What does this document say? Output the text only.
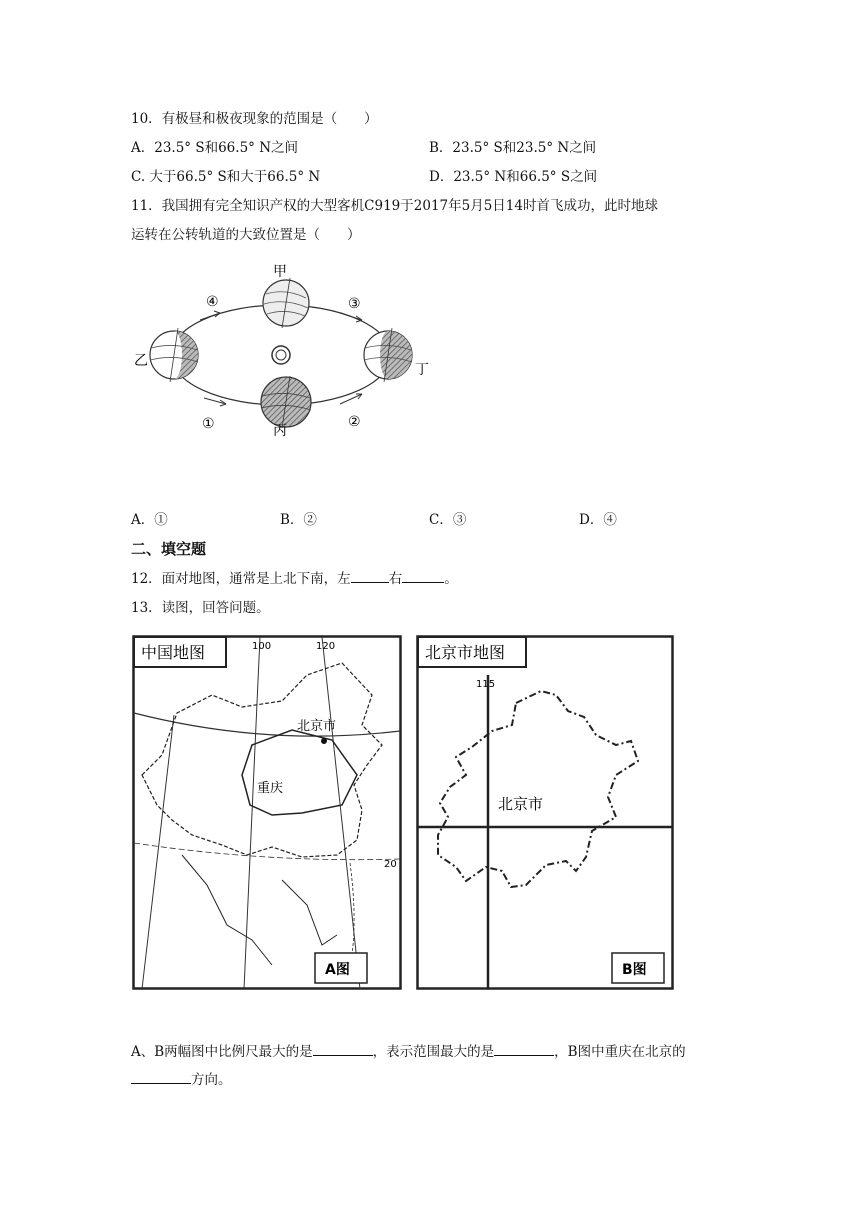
10．有极昼和极夜现象的范围是（　　）
A．23.5° S和66.5° N之间	B．23.5° S和23.5° N之间
C. 大于66.5° S和大于66.5° N	D．23.5° N和66.5° S之间
11．我国拥有完全知识产权的大型客机C919于2017年5月5日14时首飞成功，此时地球
运转在公转轨道的大致位置是（　　）
甲
乙
丁
丙
④	③
①	②
A．①	B．②	C．③	D．④
二、填空题
12．面对地图，通常是上北下南，左	右	。
13．读图，回答问题。
中国地图	100	120
20
北京市
重庆
A图
北京市地图
115
北京市
B图
A、B两幅图中比例尺最大的是	，表示范围最大的是	，B图中重庆在北京的
方向。
